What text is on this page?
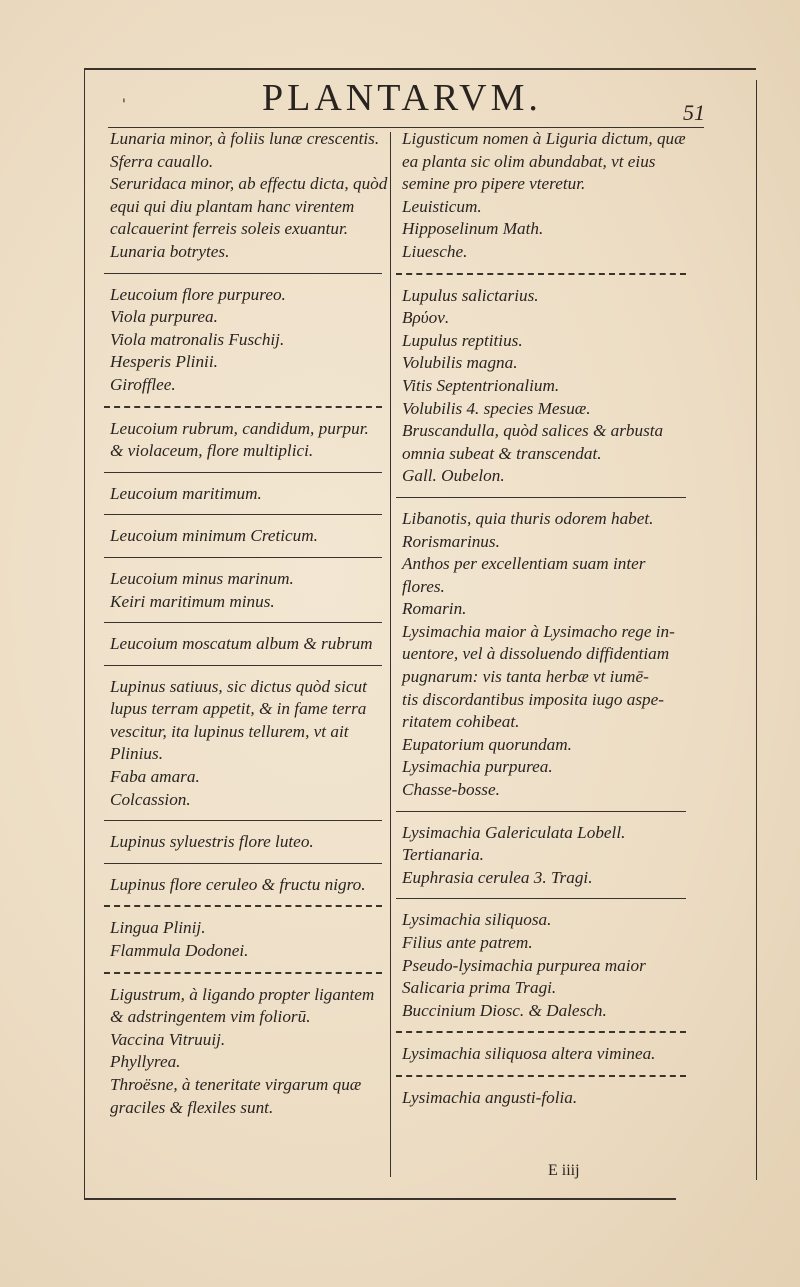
PLANTARVM.	51
'
Lunaria minor, à foliis lunæ crescentis.
Sferra cauallo.
Seruridaca minor, ab effectu dicta, quòd
equi qui diu plantam hanc virentem
calcauerint ferreis soleis exuantur.
Lunaria botrytes.
Leucoium flore purpureo.
Viola purpurea.
Viola matronalis Fuschij.
Hesperis Plinii.
Girofflee.
Leucoium rubrum, candidum, purpur.
& violaceum, flore multiplici.
Leucoium maritimum.
Leucoium minimum Creticum.
Leucoium minus marinum.
Keiri maritimum minus.
Leucoium moscatum album & rubrum
Lupinus satiuus, sic dictus quòd sicut
lupus terram appetit, & in fame terra
vescitur, ita lupinus tellurem, vt ait
Plinius.
Faba amara.
Colcassion.
Lupinus syluestris flore luteo.
Lupinus flore ceruleo & fructu nigro.
Lingua Plinij.
Flammula Dodonei.
Ligustrum, à ligando propter ligantem
& adstringentem vim foliorū.
Vaccina Vitruuij.
Phyllyrea.
Throësne, à teneritate virgarum quæ
graciles & flexiles sunt.
Ligusticum nomen à Liguria dictum, quæ
ea planta sic olim abundabat, vt eius
semine pro pipere vteretur.
Leuisticum.
Hipposelinum Math.
Liuesche.
Lupulus salictarius.
Βρύον.
Lupulus reptitius.
Volubilis magna.
Vitis Septentrionalium.
Volubilis 4. species Mesuæ.
Bruscandulla, quòd salices & arbusta
omnia subeat & transcendat.
Gall. Oubelon.
Libanotis, quia thuris odorem habet.
Rorismarinus.
Anthos per excellentiam suam inter
flores.
Romarin.
Lysimachia maior à Lysimacho rege in-
uentore, vel à dissoluendo diffidentiam
pugnarum: vis tanta herbæ vt iumē-
tis discordantibus imposita iugo aspe-
ritatem cohibeat.
Eupatorium quorundam.
Lysimachia purpurea.
Chasse-bosse.
Lysimachia Galericulata Lobell.
Tertianaria.
Euphrasia cerulea 3. Tragi.
Lysimachia siliquosa.
Filius ante patrem.
Pseudo-lysimachia purpurea maior
Salicaria prima Tragi.
Buccinium Diosc. & Dalesch.
Lysimachia siliquosa altera viminea.
Lysimachia angusti-folia.
E iiij
